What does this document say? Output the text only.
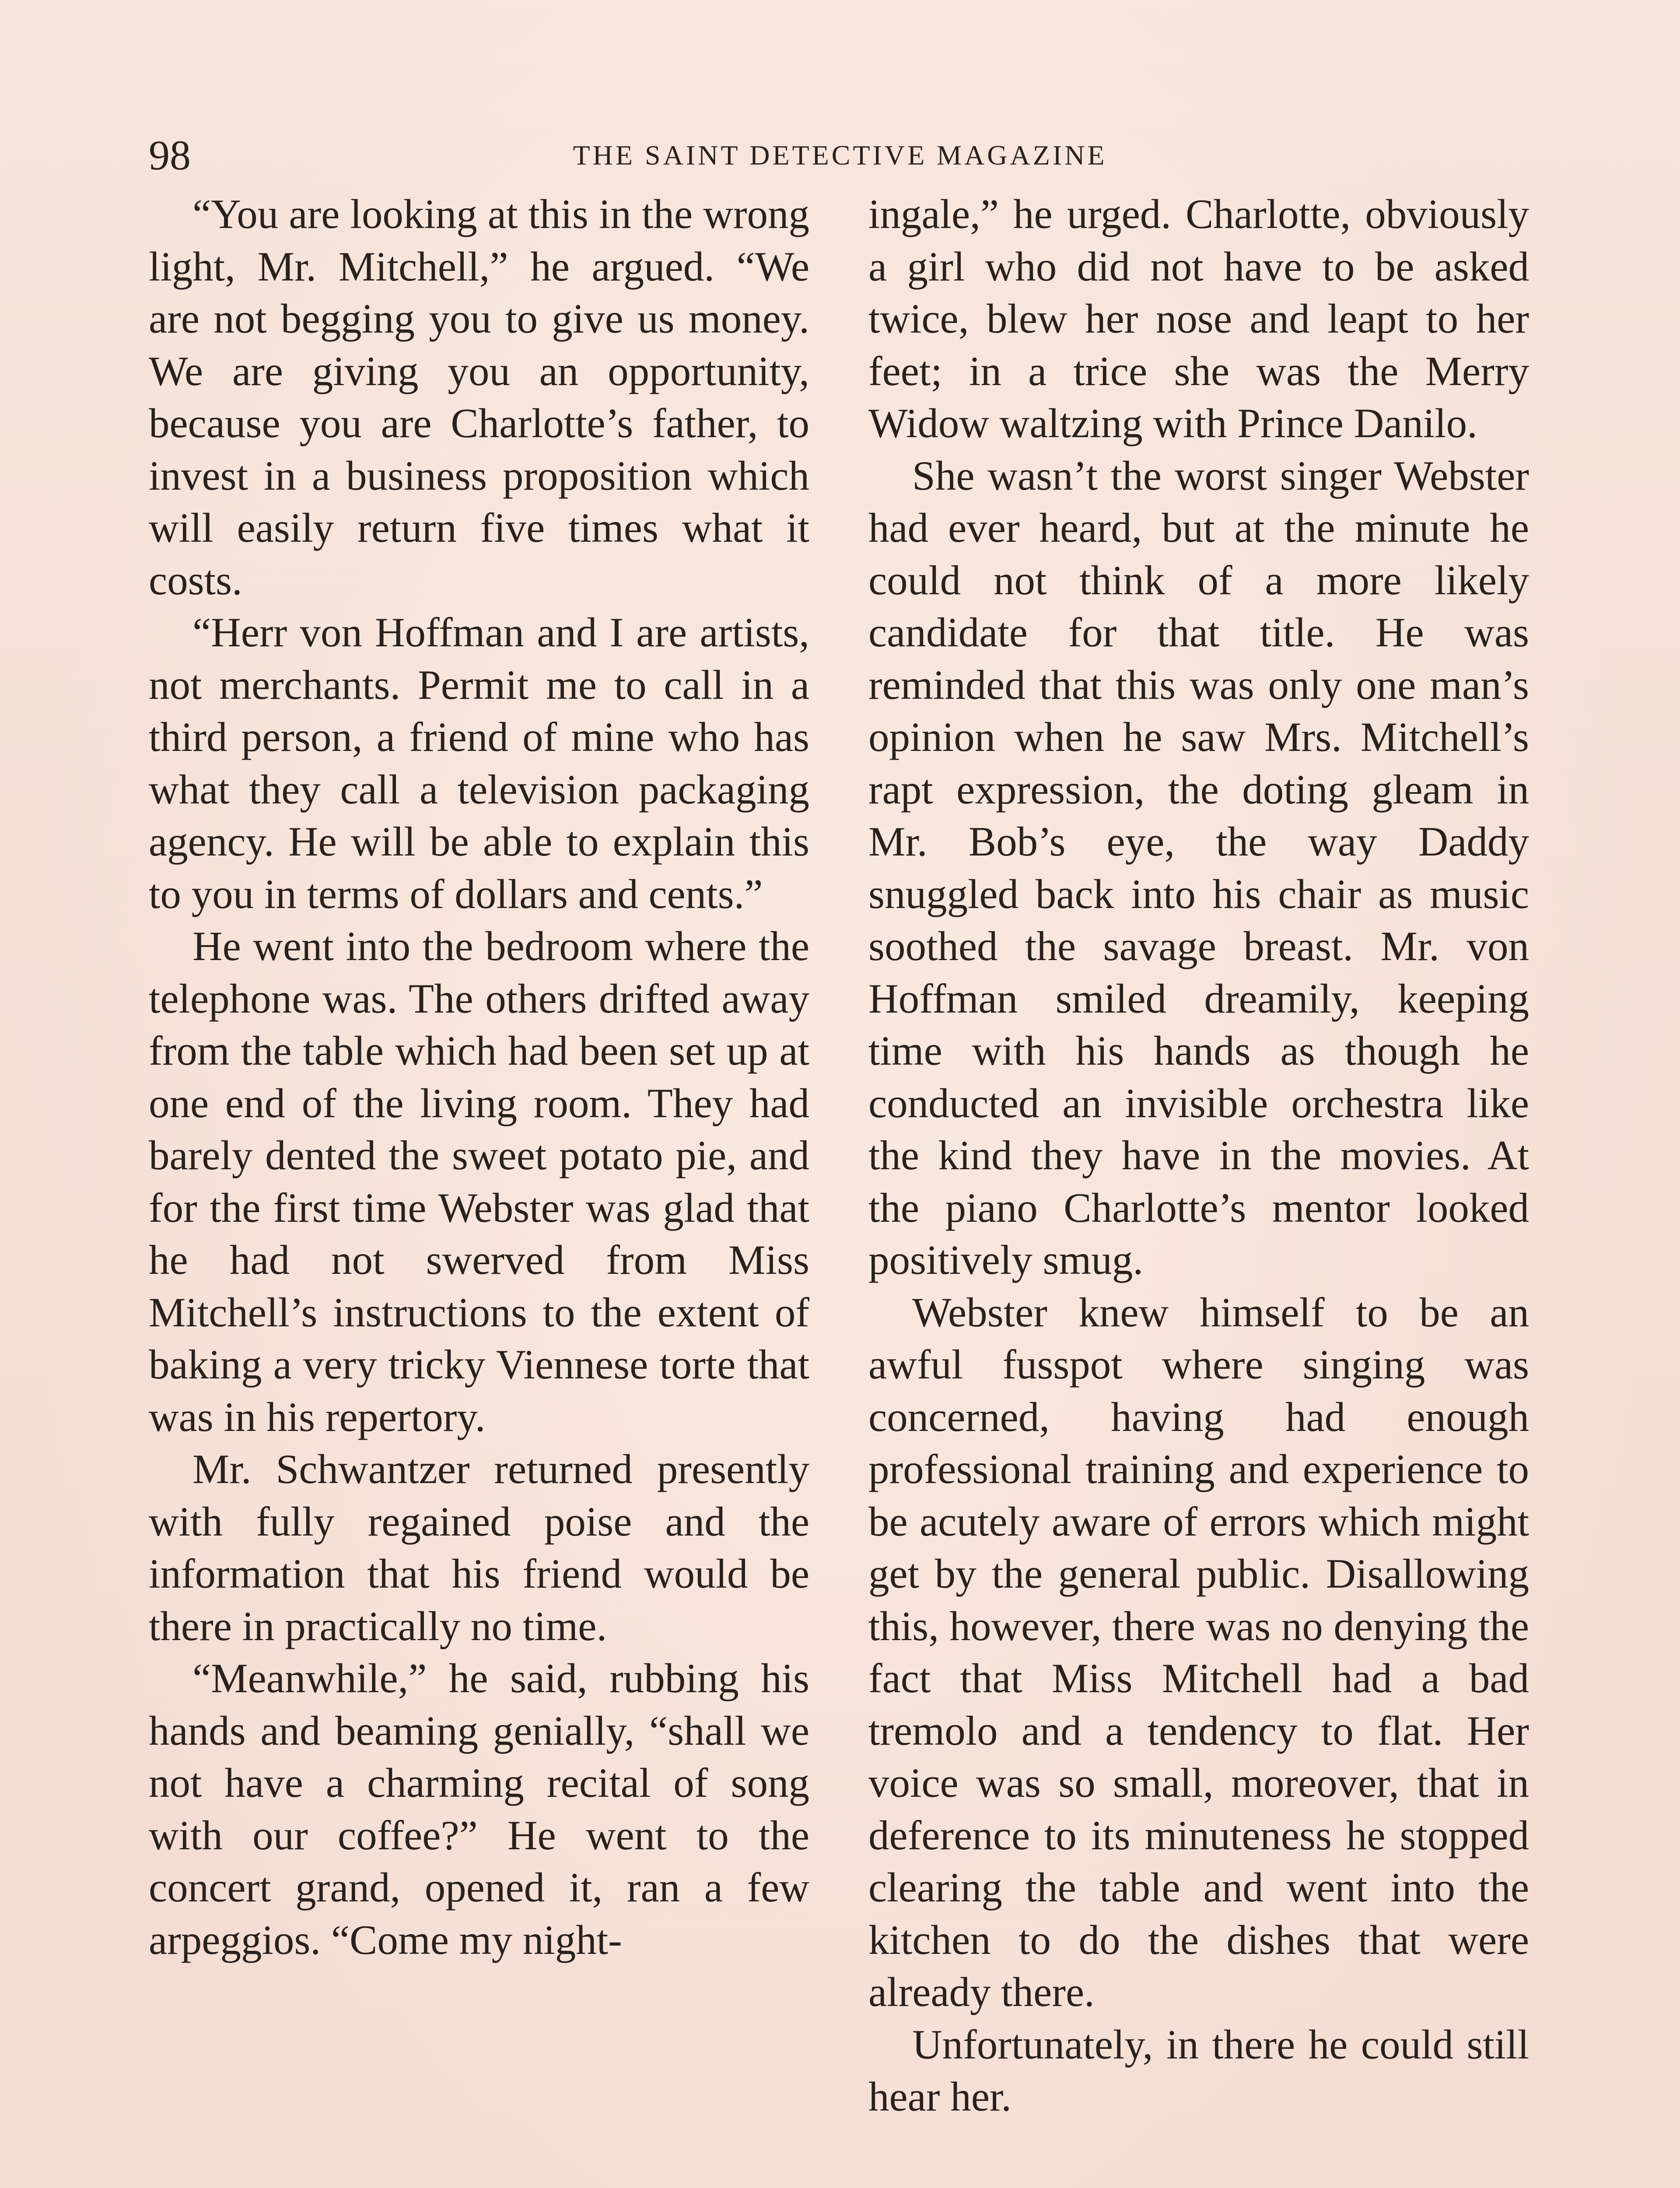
98	THE SAINT DETECTIVE MAGAZINE

“You are looking at this in the wrong light, Mr. Mitchell,” he argued. “We are not begging you to give us money. We are giving you an opportunity, because you are Charlotte’s father, to invest in a business proposition which will easily return five times what it costs.

“Herr von Hoffman and I are artists, not merchants. Permit me to call in a third person, a friend of mine who has what they call a television packaging agency. He will be able to explain this to you in terms of dollars and cents.”

He went into the bedroom where the telephone was. The others drifted away from the table which had been set up at one end of the living room. They had barely dented the sweet potato pie, and for the first time Webster was glad that he had not swerved from Miss Mitchell’s instructions to the extent of baking a very tricky Viennese torte that was in his repertory.

Mr. Schwantzer returned presently with fully regained poise and the information that his friend would be there in practically no time.

“Meanwhile,” he said, rubbing his hands and beaming genially, “shall we not have a charming recital of song with our coffee?” He went to the concert grand, opened it, ran a few arpeggios. “Come my night-

ingale,” he urged. Charlotte, obviously a girl who did not have to be asked twice, blew her nose and leapt to her feet; in a trice she was the Merry Widow waltzing with Prince Danilo.

She wasn’t the worst singer Webster had ever heard, but at the minute he could not think of a more likely candidate for that title. He was reminded that this was only one man’s opinion when he saw Mrs. Mitchell’s rapt expression, the doting gleam in Mr. Bob’s eye, the way Daddy snuggled back into his chair as music soothed the savage breast. Mr. von Hoffman smiled dreamily, keeping time with his hands as though he conducted an invisible orchestra like the kind they have in the movies. At the piano Charlotte’s mentor looked positively smug.

Webster knew himself to be an awful fusspot where singing was concerned, having had enough professional training and experience to be acutely aware of errors which might get by the general public. Disallowing this, however, there was no denying the fact that Miss Mitchell had a bad tremolo and a tendency to flat. Her voice was so small, moreover, that in deference to its minuteness he stopped clearing the table and went into the kitchen to do the dishes that were already there.

Unfortunately, in there he could still hear her.
